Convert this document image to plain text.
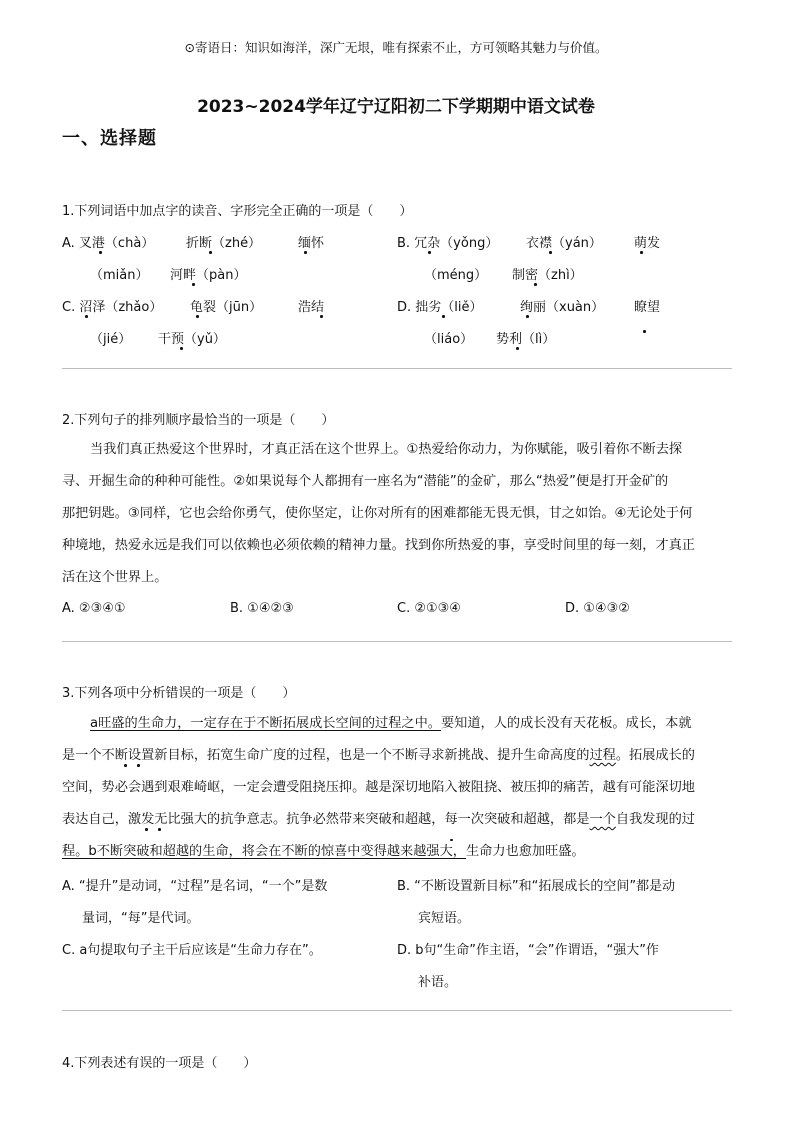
⊙寄语日：知识如海洋，深广无垠，唯有探索不止，方可领略其魅力与价值。
2023~2024学年辽宁辽阳初二下学期期中语文试卷
一、选择题
1.下列词语中加点字的读音、字形完全正确的一项是（　　）
A. 叉港（chà） 折断（zhé）	缅怀
（miǎn） 河畔（pàn）
B. 冗杂（yǒng） 衣襟（yán） 萌发
（méng） 制密（zhì）
C. 沼泽（zhǎo） 龟裂（jūn）	浩结
（jié） 干预（yǔ）
D. 拙劣（liě）	绚丽（xuàn） 瞭望
（liáo） 势利（lì）
2.下列句子的排列顺序最恰当的一项是（　　）
当我们真正热爱这个世界时，才真正活在这个世界上。①热爱给你动力，为你赋能，吸引着你不断去探
寻、开掘生命的种种可能性。②如果说每个人都拥有一座名为“潜能”的金矿，那么“热爱”便是打开金矿的
那把钥匙。③同样，它也会给你勇气，使你坚定，让你对所有的困难都能无畏无惧，甘之如饴。④无论处于何
种境地，热爱永远是我们可以依赖也必须依赖的精神力量。找到你所热爱的事，享受时间里的每一刻，才真正
活在这个世界上。
A. ②③④①	B. ①④②③	C. ②①③④	D. ①④③②
3.下列各项中分析错误的一项是（　　）
a旺盛的生命力，一定存在于不断拓展成长空间的过程之中。要知道，人的成长没有天花板。成长，本就
是一个不断设置新目标，拓宽生命广度的过程，也是一个不断寻求新挑战、提升生命高度的过程。拓展成长的
空间，势必会遇到艰难崎岖，一定会遭受阻挠压抑。越是深切地陷入被阻挠、被压抑的痛苦，越有可能深切地
表达自己，激发无比强大的抗争意志。抗争必然带来突破和超越，每一次突破和超越，都是一个自我发现的过
程。b不断突破和超越的生命，将会在不断的惊喜中变得越来越强大，生命力也愈加旺盛。
A. “提升”是动词，“过程”是名词，“一个”是数
量词，“每”是代词。
B. “不断设置新目标”和“拓展成长的空间”都是动
宾短语。
C. a句提取句子主干后应该是“生命力存在”。	D. b句“生命”作主语，“会”作谓语，“强大”作
补语。
4.下列表述有误的一项是（　　）
